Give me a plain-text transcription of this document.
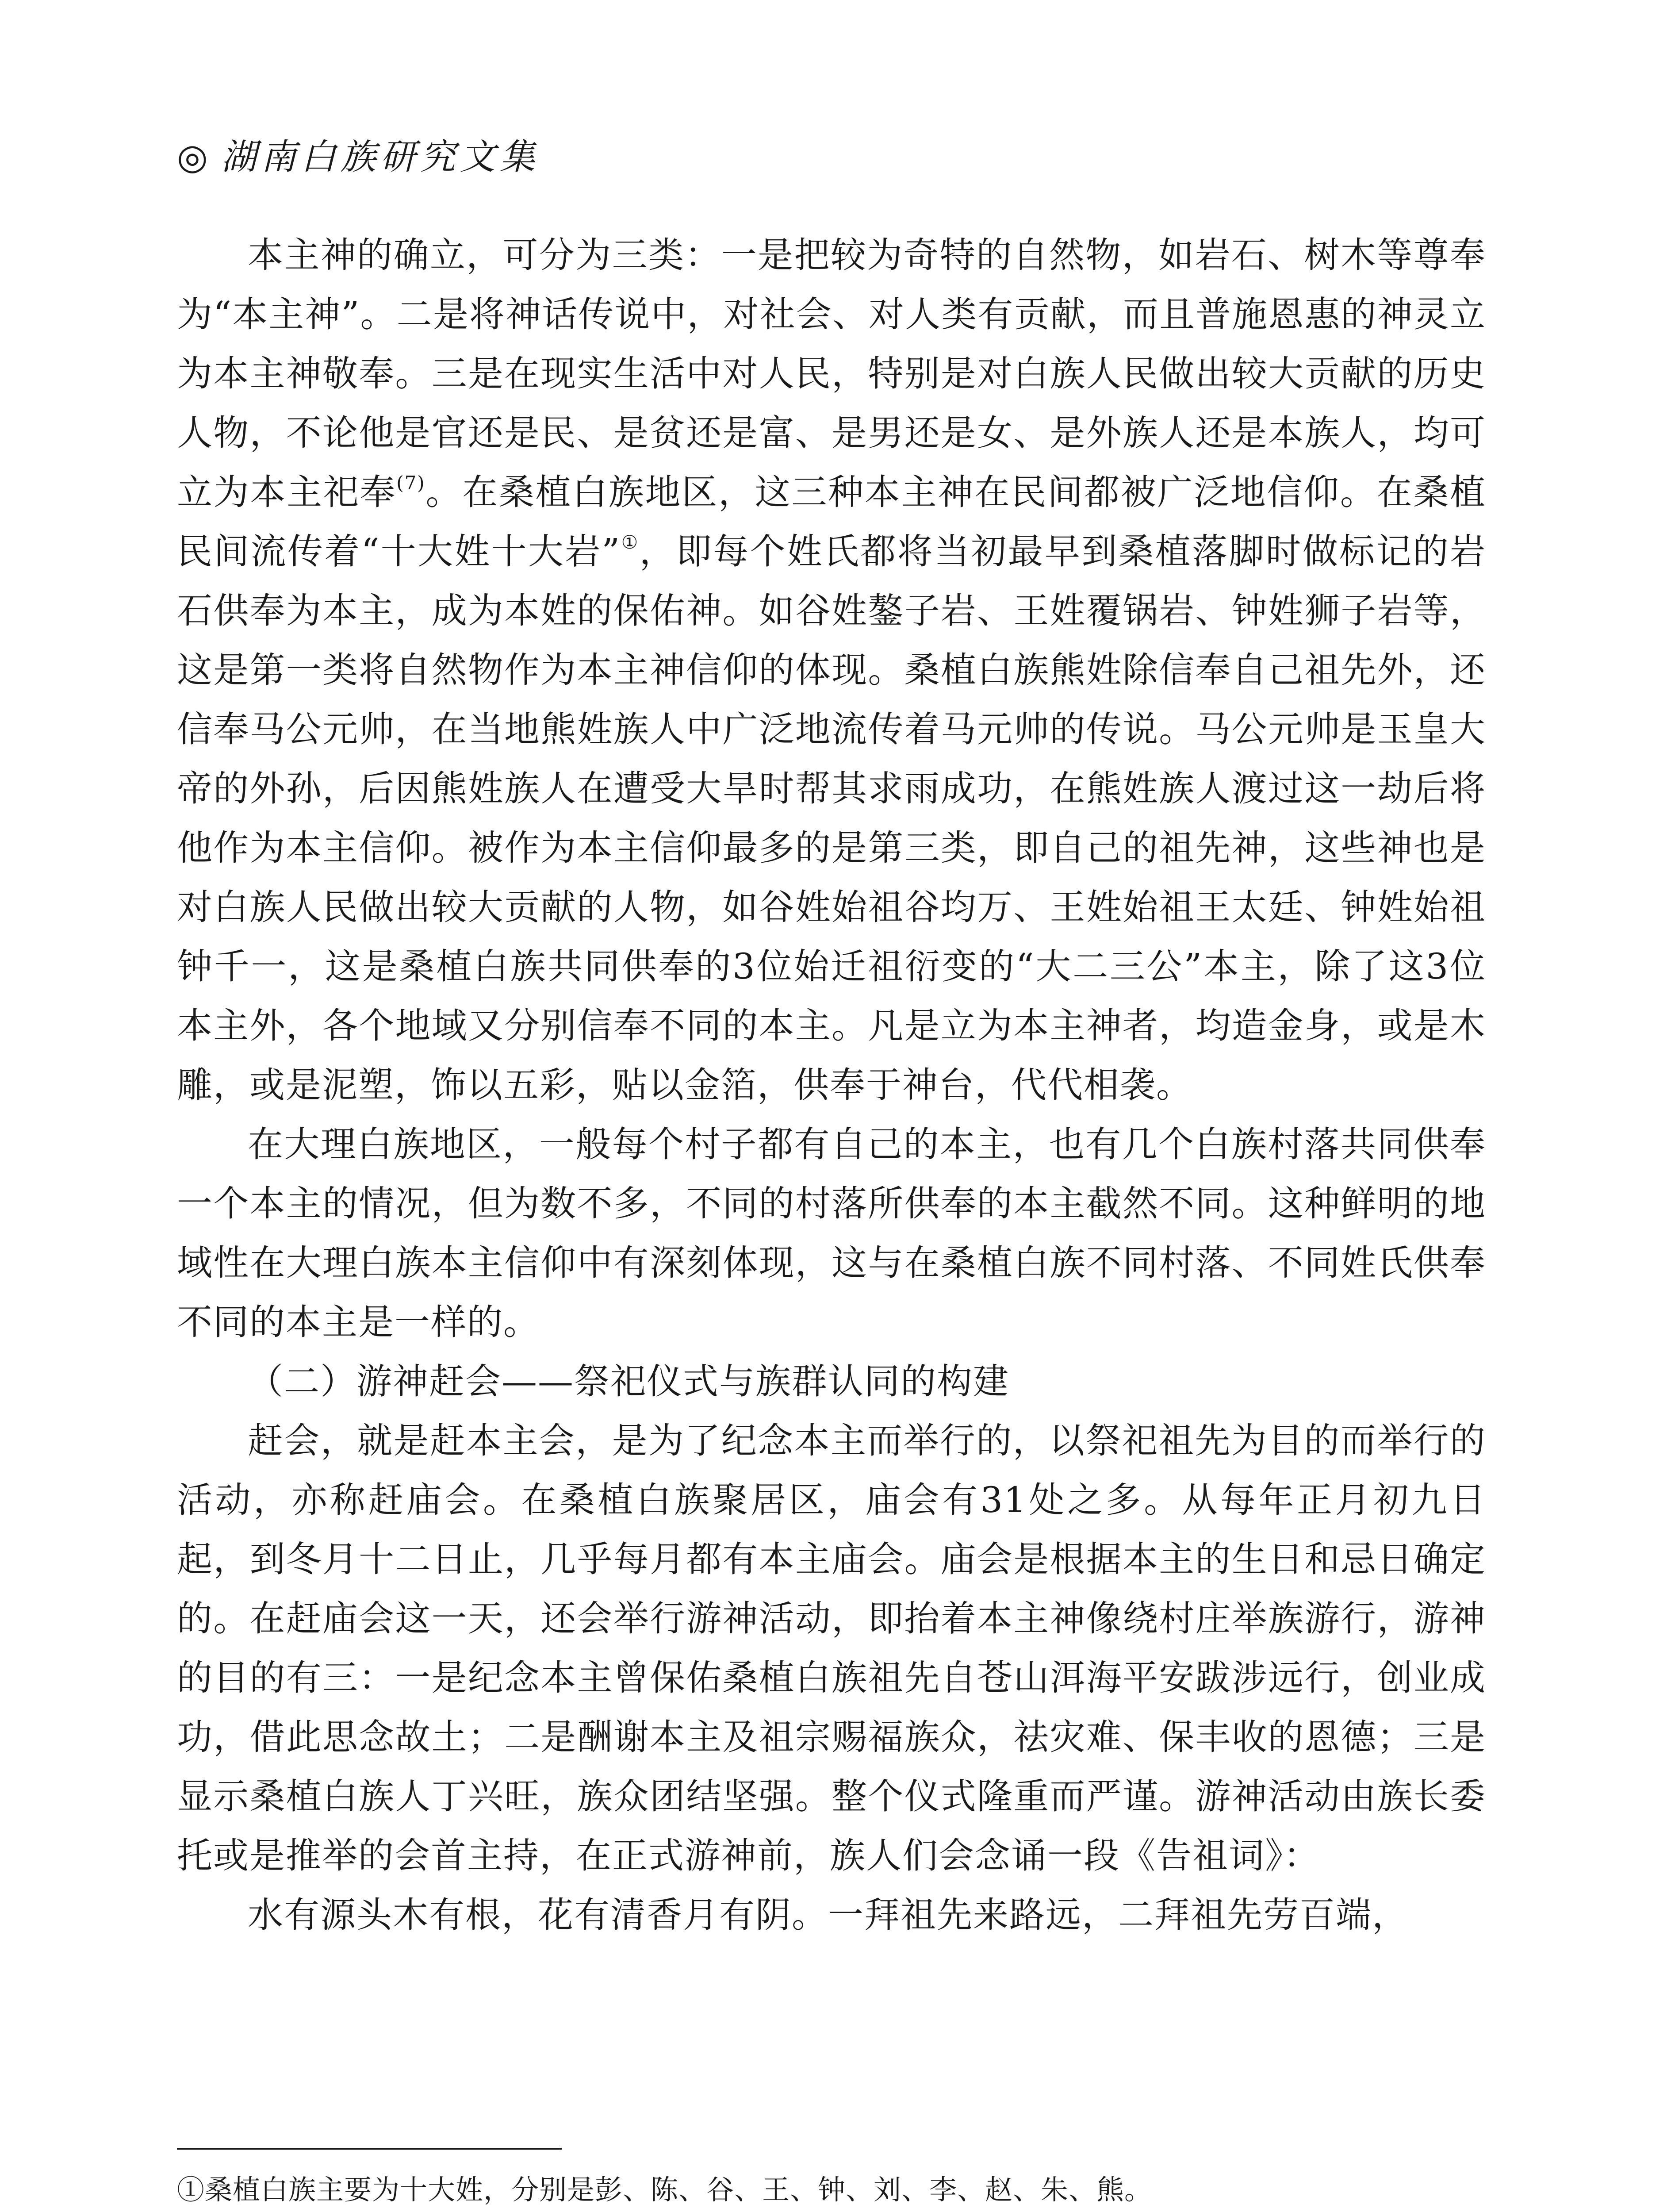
◎ 湖南白族研究文集

本主神的确立，可分为三类：一是把较为奇特的自然物，如岩石、树木等尊奉为“本主神”。二是将神话传说中，对社会、对人类有贡献，而且普施恩惠的神灵立为本主神敬奉。三是在现实生活中对人民，特别是对白族人民做出较大贡献的历史人物，不论他是官还是民、是贫还是富、是男还是女、是外族人还是本族人，均可立为本主祀奉$^{(7)}$。在桑植白族地区，这三种本主神在民间都被广泛地信仰。在桑植民间流传着“十大姓十大岩”①，即每个姓氏都将当初最早到桑植落脚时做标记的岩石供奉为本主，成为本姓的保佑神。如谷姓鏊子岩、王姓覆锅岩、钟姓狮子岩等，这是第一类将自然物作为本主神信仰的体现。桑植白族熊姓除信奉自己祖先外，还信奉马公元帅，在当地熊姓族人中广泛地流传着马元帅的传说。马公元帅是玉皇大帝的外孙，后因熊姓族人在遭受大旱时帮其求雨成功，在熊姓族人渡过这一劫后将他作为本主信仰。被作为本主信仰最多的是第三类，即自己的祖先神，这些神也是对白族人民做出较大贡献的人物，如谷姓始祖谷均万、王姓始祖王太廷、钟姓始祖钟千一，这是桑植白族共同供奉的3位始迁祖衍变的“大二三公”本主，除了这3位本主外，各个地域又分别信奉不同的本主。凡是立为本主神者，均造金身，或是木雕，或是泥塑，饰以五彩，贴以金箔，供奉于神台，代代相袭。

在大理白族地区，一般每个村子都有自己的本主，也有几个白族村落共同供奉一个本主的情况，但为数不多，不同的村落所供奉的本主截然不同。这种鲜明的地域性在大理白族本主信仰中有深刻体现，这与在桑植白族不同村落、不同姓氏供奉不同的本主是一样的。

（二）游神赶会——祭祀仪式与族群认同的构建

赶会，就是赶本主会，是为了纪念本主而举行的，以祭祀祖先为目的而举行的活动，亦称赶庙会。在桑植白族聚居区，庙会有31处之多。从每年正月初九日起，到冬月十二日止，几乎每月都有本主庙会。庙会是根据本主的生日和忌日确定的。在赶庙会这一天，还会举行游神活动，即抬着本主神像绕村庄举族游行，游神的目的有三：一是纪念本主曾保佑桑植白族祖先自苍山洱海平安跋涉远行，创业成功，借此思念故土；二是酬谢本主及祖宗赐福族众，祛灾难、保丰收的恩德；三是显示桑植白族人丁兴旺，族众团结坚强。整个仪式隆重而严谨。游神活动由族长委托或是推举的会首主持，在正式游神前，族人们会念诵一段《告祖词》：

水有源头木有根，花有清香月有阴。一拜祖先来路远，二拜祖先劳百端，

①桑植白族主要为十大姓，分别是彭、陈、谷、王、钟、刘、李、赵、朱、熊。
